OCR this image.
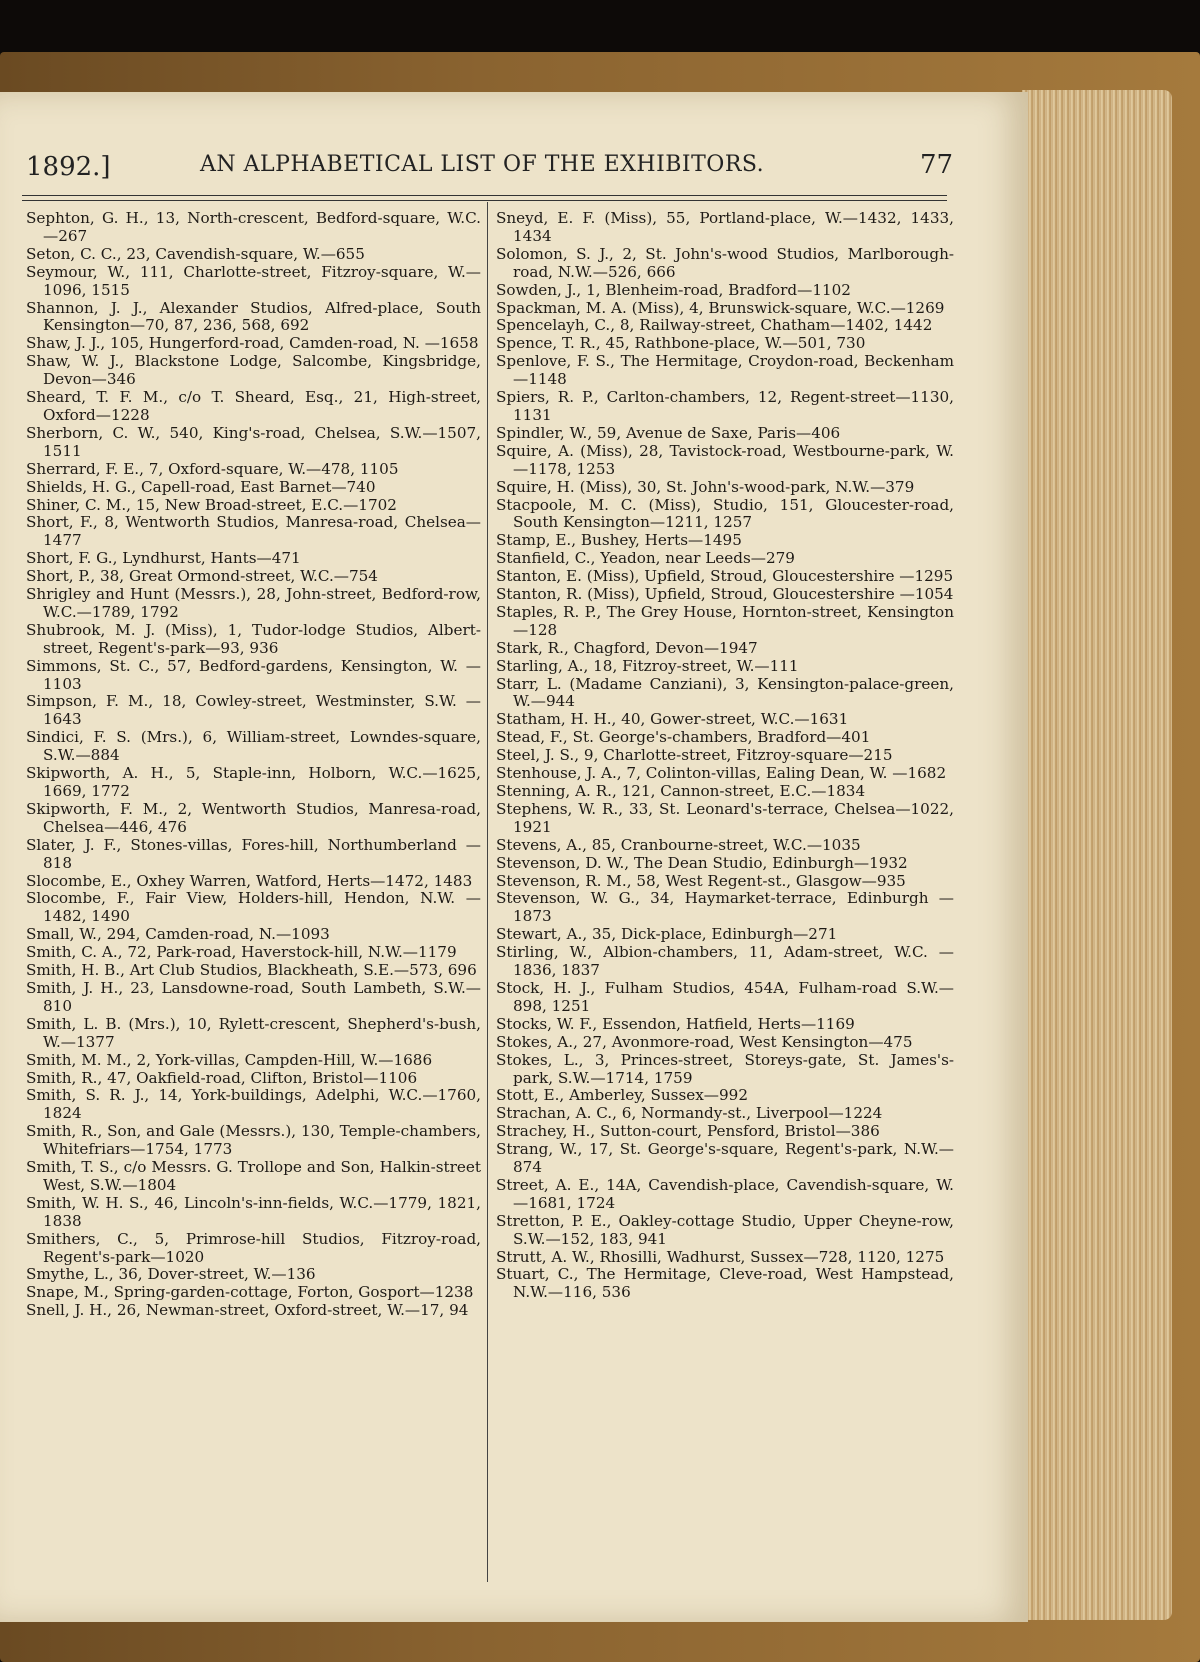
1892.]	AN ALPHABETICAL LIST OF THE EXHIBITORS.	77

Sephton, G. H., 13, North-crescent, Bedford-square, W.C.—267

Seton, C. C., 23, Cavendish-square, W.—655

Seymour, W., 111, Charlotte-street, Fitzroy-square, W.—1096, 1515

Shannon, J. J., Alexander Studios, Alfred-place, South Kensington—70, 87, 236, 568, 692

Shaw, J. J., 105, Hungerford-road, Camden-road, N. —1658

Shaw, W. J., Blackstone Lodge, Salcombe, Kingsbridge, Devon—346

Sheard, T. F. M., c/o T. Sheard, Esq., 21, High-street, Oxford—1228

Sherborn, C. W., 540, King's-road, Chelsea, S.W.—1507, 1511

Sherrard, F. E., 7, Oxford-square, W.—478, 1105

Shields, H. G., Capell-road, East Barnet—740

Shiner, C. M., 15, New Broad-street, E.C.—1702

Short, F., 8, Wentworth Studios, Manresa-road, Chelsea—1477

Short, F. G., Lyndhurst, Hants—471

Short, P., 38, Great Ormond-street, W.C.—754

Shrigley and Hunt (Messrs.), 28, John-street, Bedford-row, W.C.—1789, 1792

Shubrook, M. J. (Miss), 1, Tudor-lodge Studios, Albert-street, Regent's-park—93, 936

Simmons, St. C., 57, Bedford-gardens, Kensington, W. —1103

Simpson, F. M., 18, Cowley-street, Westminster, S.W. —1643

Sindici, F. S. (Mrs.), 6, William-street, Lowndes-square, S.W.—884

Skipworth, A. H., 5, Staple-inn, Holborn, W.C.—1625, 1669, 1772

Skipworth, F. M., 2, Wentworth Studios, Manresa-road, Chelsea—446, 476

Slater, J. F., Stones-villas, Fores-hill, Northumberland —818

Slocombe, E., Oxhey Warren, Watford, Herts—1472, 1483

Slocombe, F., Fair View, Holders-hill, Hendon, N.W. —1482, 1490

Small, W., 294, Camden-road, N.—1093

Smith, C. A., 72, Park-road, Haverstock-hill, N.W.—1179

Smith, H. B., Art Club Studios, Blackheath, S.E.—573, 696

Smith, J. H., 23, Lansdowne-road, South Lambeth, S.W.—810

Smith, L. B. (Mrs.), 10, Rylett-crescent, Shepherd's-bush, W.—1377

Smith, M. M., 2, York-villas, Campden-Hill, W.—1686

Smith, R., 47, Oakfield-road, Clifton, Bristol—1106

Smith, S. R. J., 14, York-buildings, Adelphi, W.C.—1760, 1824

Smith, R., Son, and Gale (Messrs.), 130, Temple-chambers, Whitefriars—1754, 1773

Smith, T. S., c/o Messrs. G. Trollope and Son, Halkin-street West, S.W.—1804

Smith, W. H. S., 46, Lincoln's-inn-fields, W.C.—1779, 1821, 1838

Smithers, C., 5, Primrose-hill Studios, Fitzroy-road, Regent's-park—1020

Smythe, L., 36, Dover-street, W.—136

Snape, M., Spring-garden-cottage, Forton, Gosport—1238

Snell, J. H., 26, Newman-street, Oxford-street, W.—17, 94

Sneyd, E. F. (Miss), 55, Portland-place, W.—1432, 1433, 1434

Solomon, S. J., 2, St. John's-wood Studios, Marlborough-road, N.W.—526, 666

Sowden, J., 1, Blenheim-road, Bradford—1102

Spackman, M. A. (Miss), 4, Brunswick-square, W.C.—1269

Spencelayh, C., 8, Railway-street, Chatham—1402, 1442

Spence, T. R., 45, Rathbone-place, W.—501, 730

Spenlove, F. S., The Hermitage, Croydon-road, Beckenham—1148

Spiers, R. P., Carlton-chambers, 12, Regent-street—1130, 1131

Spindler, W., 59, Avenue de Saxe, Paris—406

Squire, A. (Miss), 28, Tavistock-road, Westbourne-park, W.—1178, 1253

Squire, H. (Miss), 30, St. John's-wood-park, N.W.—379

Stacpoole, M. C. (Miss), Studio, 151, Gloucester-road, South Kensington—1211, 1257

Stamp, E., Bushey, Herts—1495

Stanfield, C., Yeadon, near Leeds—279

Stanton, E. (Miss), Upfield, Stroud, Gloucestershire —1295

Stanton, R. (Miss), Upfield, Stroud, Gloucestershire —1054

Staples, R. P., The Grey House, Hornton-street, Kensington—128

Stark, R., Chagford, Devon—1947

Starling, A., 18, Fitzroy-street, W.—111

Starr, L. (Madame Canziani), 3, Kensington-palace-green, W.—944

Statham, H. H., 40, Gower-street, W.C.—1631

Stead, F., St. George's-chambers, Bradford—401

Steel, J. S., 9, Charlotte-street, Fitzroy-square—215

Stenhouse, J. A., 7, Colinton-villas, Ealing Dean, W. —1682

Stenning, A. R., 121, Cannon-street, E.C.—1834

Stephens, W. R., 33, St. Leonard's-terrace, Chelsea—1022, 1921

Stevens, A., 85, Cranbourne-street, W.C.—1035

Stevenson, D. W., The Dean Studio, Edinburgh—1932

Stevenson, R. M., 58, West Regent-st., Glasgow—935

Stevenson, W. G., 34, Haymarket-terrace, Edinburgh —1873

Stewart, A., 35, Dick-place, Edinburgh—271

Stirling, W., Albion-chambers, 11, Adam-street, W.C. —1836, 1837

Stock, H. J., Fulham Studios, 454A, Fulham-road S.W.—898, 1251

Stocks, W. F., Essendon, Hatfield, Herts—1169

Stokes, A., 27, Avonmore-road, West Kensington—475

Stokes, L., 3, Princes-street, Storeys-gate, St. James's-park, S.W.—1714, 1759

Stott, E., Amberley, Sussex—992

Strachan, A. C., 6, Normandy-st., Liverpool—1224

Strachey, H., Sutton-court, Pensford, Bristol—386

Strang, W., 17, St. George's-square, Regent's-park, N.W.—874

Street, A. E., 14A, Cavendish-place, Cavendish-square, W.—1681, 1724

Stretton, P. E., Oakley-cottage Studio, Upper Cheyne-row, S.W.—152, 183, 941

Strutt, A. W., Rhosilli, Wadhurst, Sussex—728, 1120, 1275

Stuart, C., The Hermitage, Cleve-road, West Hampstead, N.W.—116, 536
